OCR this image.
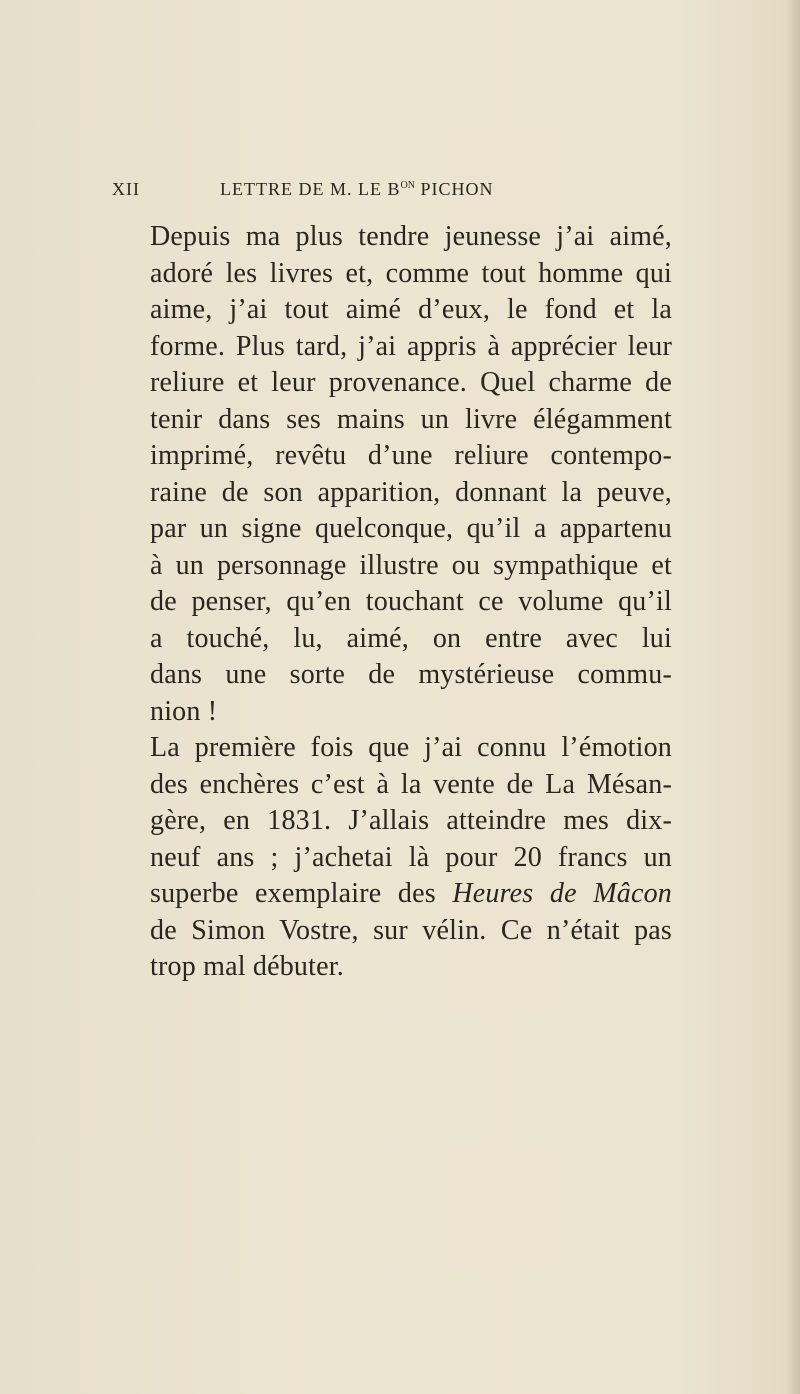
XII	LETTRE DE M. LE $B^{ON}$ PICHON
Depuis ma plus tendre jeunesse j’ai aimé,
adoré les livres et, comme tout homme qui
aime, j’ai tout aimé d’eux, le fond et la
forme. Plus tard, j’ai appris à apprécier leur
reliure et leur provenance. Quel charme de
tenir dans ses mains un livre élégamment
imprimé, revêtu d’une reliure contempo-
raine de son apparition, donnant la peuve,
par un signe quelconque, qu’il a appartenu
à un personnage illustre ou sympathique et
de penser, qu’en touchant ce volume qu’il
a touché, lu, aimé, on entre avec lui
dans une sorte de mystérieuse commu-
nion !
La première fois que j’ai connu l’émotion
des enchères c’est à la vente de La Mésan-
gère, en 1831. J’allais atteindre mes dix-
neuf ans ; j’achetai là pour 20 francs un
superbe exemplaire des Heures de Mâcon
de Simon Vostre, sur vélin. Ce n’était pas
trop mal débuter.
